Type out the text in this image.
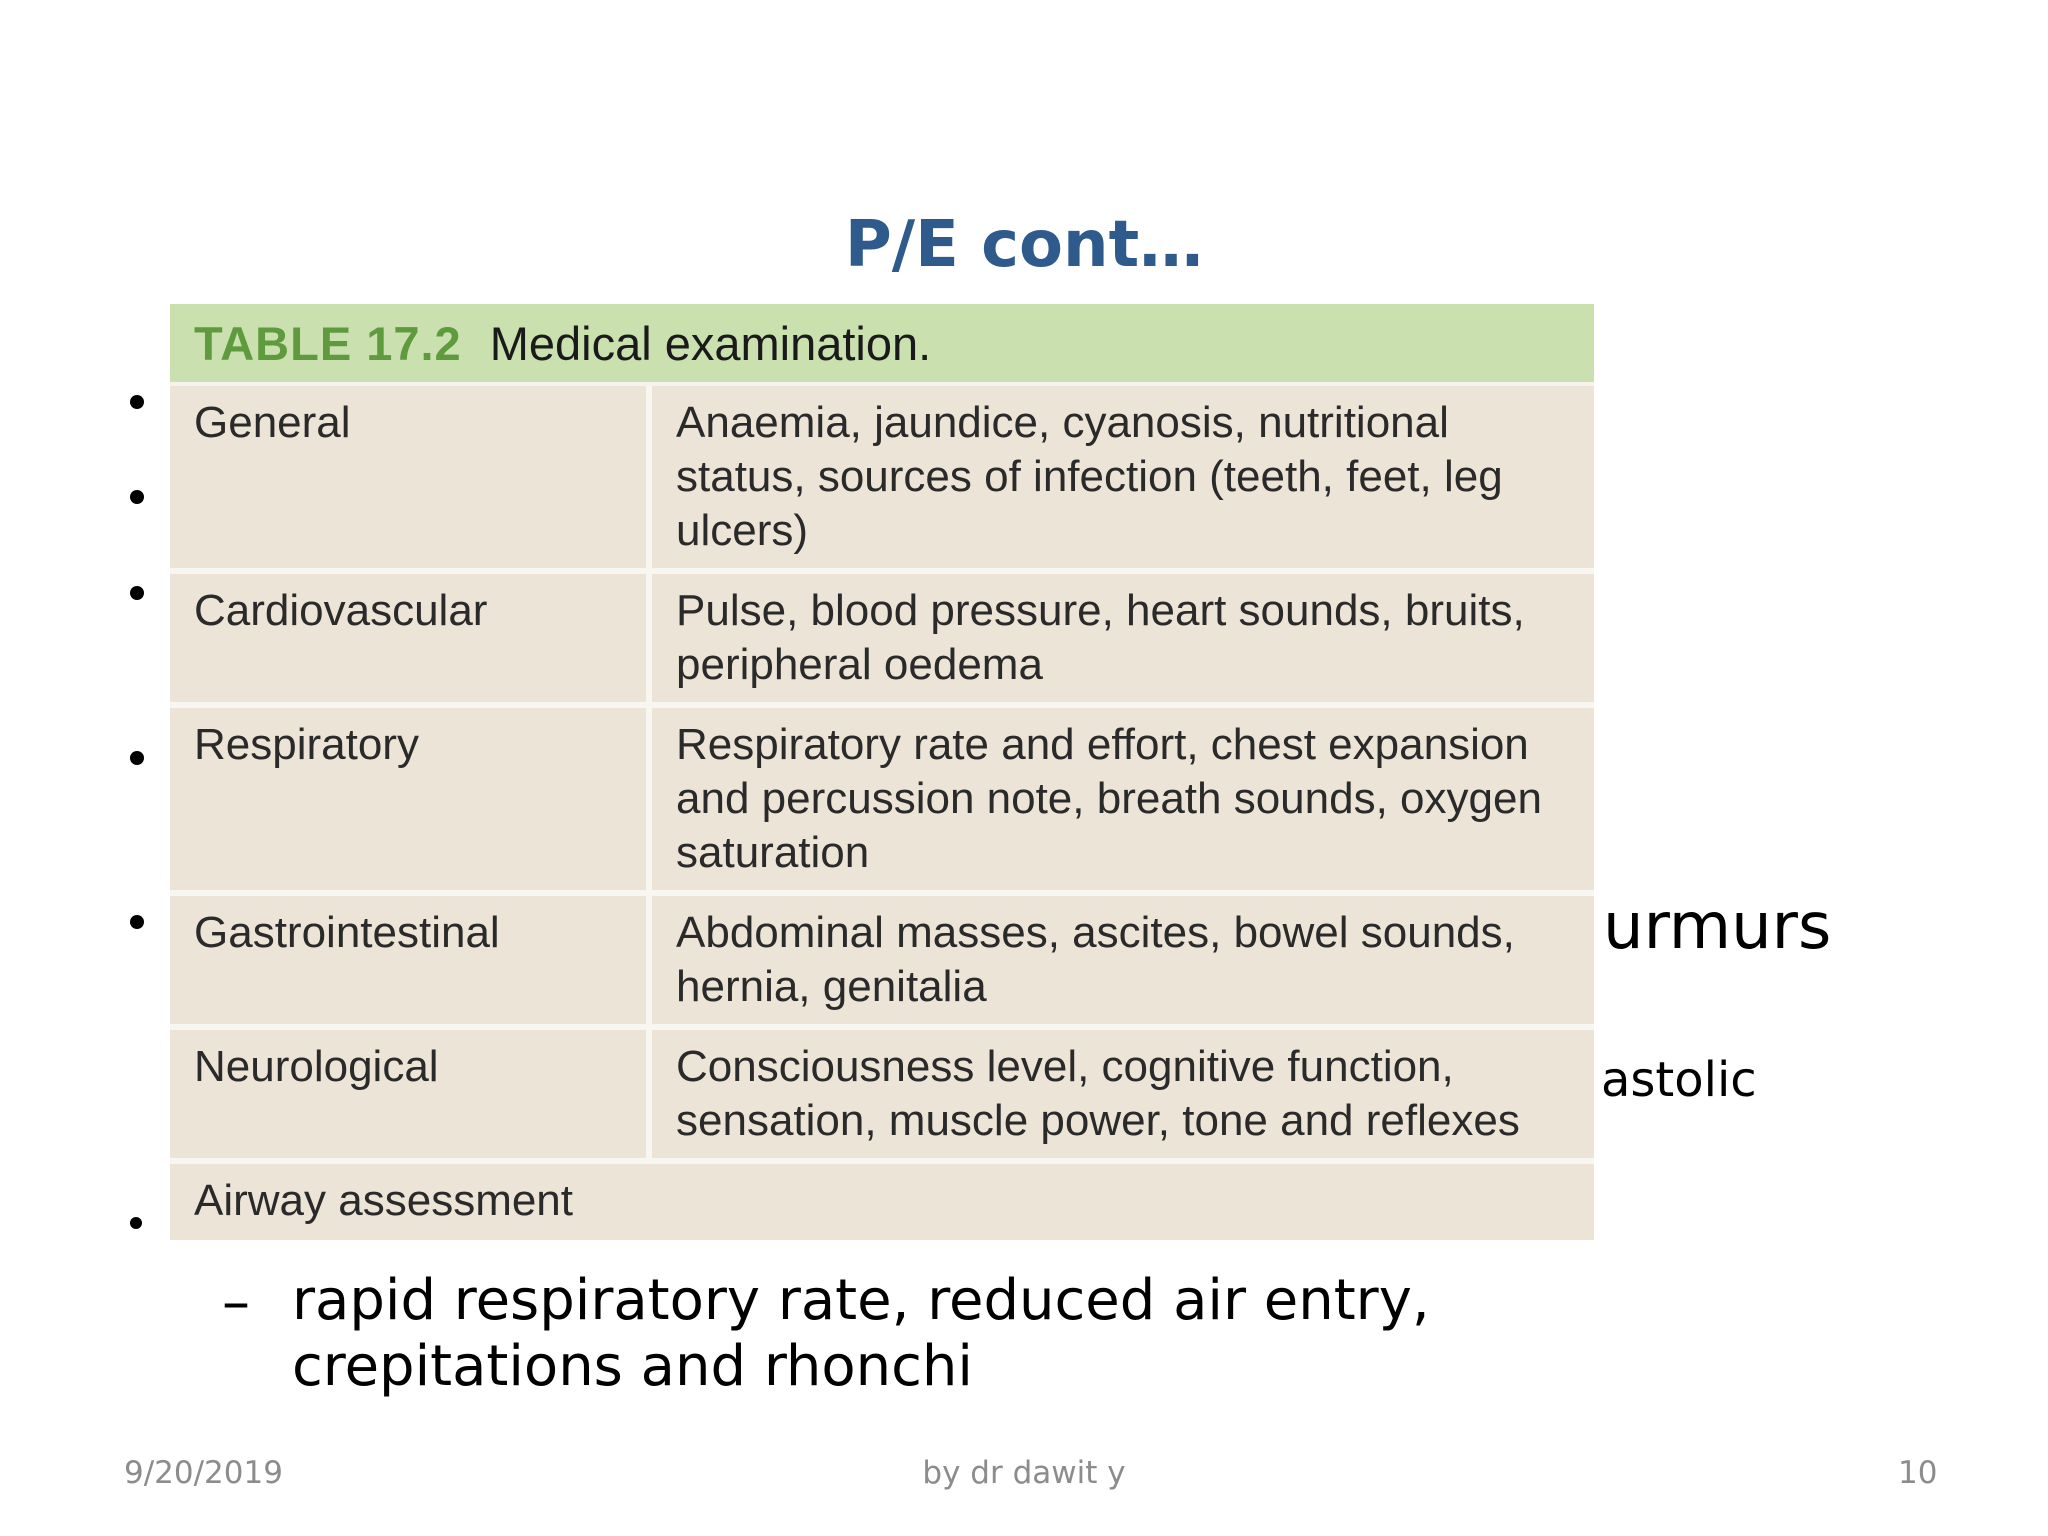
P/E cont…
urmurs
astolic
– rapid respiratory rate, reduced air entry, crepitations and rhonchi
TABLE 17.2 Medical examination.
General	Anaemia, jaundice, cyanosis, nutritional status, sources of infection (teeth, feet, leg ulcers)
Cardiovascular	Pulse, blood pressure, heart sounds, bruits, peripheral oedema
Respiratory	Respiratory rate and effort, chest expansion and percussion note, breath sounds, oxygen saturation
Gastrointestinal	Abdominal masses, ascites, bowel sounds, hernia, genitalia
Neurological	Consciousness level, cognitive function, sensation, muscle power, tone and reflexes
Airway assessment
9/20/2019	by dr dawit y	10
